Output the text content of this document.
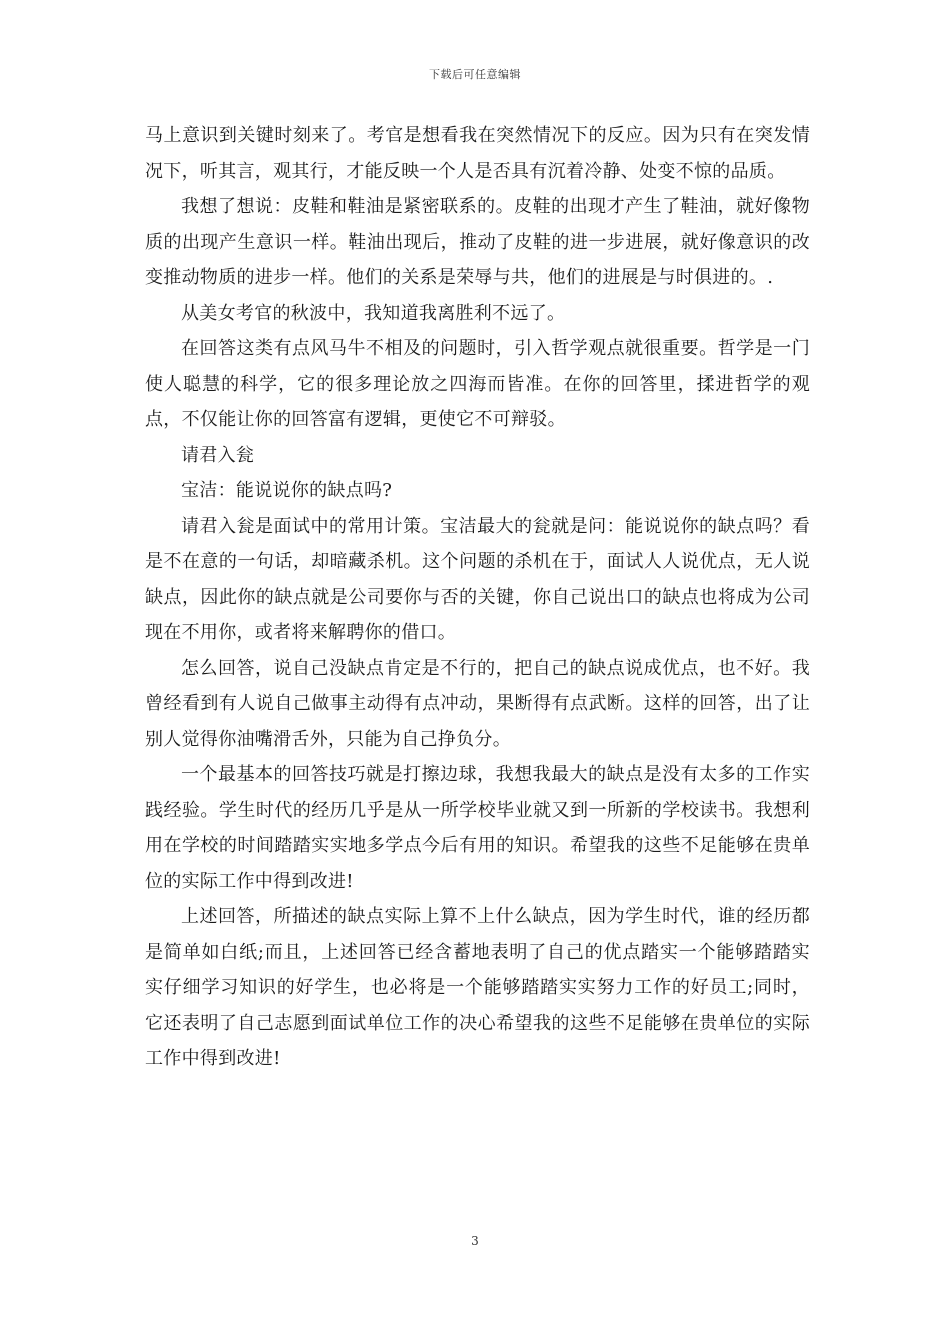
下载后可任意编辑

马上意识到关键时刻来了。考官是想看我在突然情况下的反应。因为只有在突发情况下，听其言，观其行，才能反映一个人是否具有沉着冷静、处变不惊的品质。

我想了想说：皮鞋和鞋油是紧密联系的。皮鞋的出现才产生了鞋油，就好像物质的出现产生意识一样。鞋油出现后，推动了皮鞋的进一步进展，就好像意识的改变推动物质的进步一样。他们的关系是荣辱与共，他们的进展是与时俱进的。.

从美女考官的秋波中，我知道我离胜利不远了。

在回答这类有点风马牛不相及的问题时，引入哲学观点就很重要。哲学是一门使人聪慧的科学，它的很多理论放之四海而皆准。在你的回答里，揉进哲学的观点，不仅能让你的回答富有逻辑，更使它不可辩驳。

请君入瓮

宝洁：能说说你的缺点吗?

请君入瓮是面试中的常用计策。宝洁最大的瓮就是问：能说说你的缺点吗？看是不在意的一句话，却暗藏杀机。这个问题的杀机在于，面试人人说优点，无人说缺点，因此你的缺点就是公司要你与否的关键，你自己说出口的缺点也将成为公司现在不用你，或者将来解聘你的借口。

怎么回答，说自己没缺点肯定是不行的，把自己的缺点说成优点，也不好。我曾经看到有人说自己做事主动得有点冲动，果断得有点武断。这样的回答，出了让别人觉得你油嘴滑舌外，只能为自己挣负分。

一个最基本的回答技巧就是打擦边球，我想我最大的缺点是没有太多的工作实践经验。学生时代的经历几乎是从一所学校毕业就又到一所新的学校读书。我想利用在学校的时间踏踏实实地多学点今后有用的知识。希望我的这些不足能够在贵单位的实际工作中得到改进!

上述回答，所描述的缺点实际上算不上什么缺点，因为学生时代，谁的经历都是简单如白纸;而且，上述回答已经含蓄地表明了自己的优点踏实一个能够踏踏实实仔细学习知识的好学生，也必将是一个能够踏踏实实努力工作的好员工;同时，它还表明了自己志愿到面试单位工作的决心希望我的这些不足能够在贵单位的实际工作中得到改进!

3
